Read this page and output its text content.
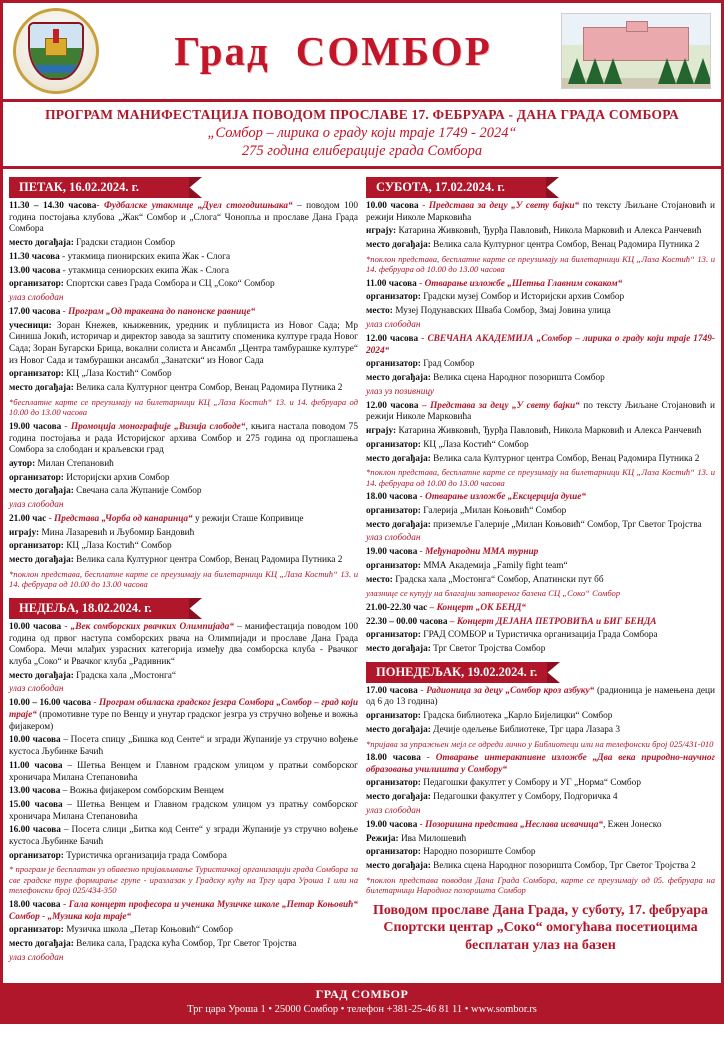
Град СОМБОР
ПРОГРАМ МАНИФЕСТАЦИЈА ПОВОДОМ ПРОСЛАВЕ 17. ФЕБРУАРА - ДАНА ГРАДА СОМБОРА
„Сомбор – лирика о граду који траје 1749 - 2024“
275 година елиберације града Сомбора
ПЕТАК, 16.02.2024. г.

11.30 – 14.30 часова- Фудбалске утакмице „Дуел стогодишњака“ – поводом 100 година постојања клубова „Жак“ Сомбор и „Слога“ Чонопља и прославе Дана Града Сомбора

место догађаја: Градски стадион Сомбор

11.30 часова - утакмица пионирских екипа Жак - Слога

13.00 часова - утакмица сениорских екипа Жак - Слога

организатор: Спортски савез Града Сомбора и СЦ „Соко“ Сомбор

улаз слободан

17.00 часова - Програм „Од тракеана до панонске равнице“

учесници: Зоран Кнежев, књижевник, уредник и публициста из Новог Сада; Мр Синиша Јокић, историчар и директор завода за заштиту споменика културе града Новог Сада; Зоран Бугарски Брица, вокални солиста и Ансамбл „Центра тамбурашке културе“ из Новог Сада и тамбурашки ансамбл „Занатски“ из Новог Сада

организатор: КЦ „Лаза Костић“ Сомбор

место догађаја: Велика сала Културног центра Сомбор, Венац Радомира Путника 2

*бесплатне карте се преузимају на билетарници КЦ „Лаза Костић“ 13. и 14. фебруара од 10.00 до 13.00 часова

19.00 часова - Промоција монографије „Визија слободе“, књига настала поводом 75 година постојања и рада Историјског архива Сомбор и 275 година од проглашења Сомбора за слободан и краљевски град

аутор: Милан Степановић

организатор: Историјски архив Сомбор

место догађаја: Свечана сала Жупаније Сомбор

улаз слободан

21.00 час - Представа „Чорба од канаринца“ у режији Сташе Копривице

играју: Мина Лазаревић и Љубомир Бандовић

организатор: КЦ „Лаза Костић“ Сомбор

место догађаја: Велика сала Културног центра Сомбор, Венац Радомира Путника 2

*поклон предстaва, бесплатне карте се преузимају на билетарници КЦ „Лаза Костић“ 13. и 14. фебруара од 10.00 до 13.00 часова
НЕДЕЉА, 18.02.2024. г.

10.00 часова - „Век сомборских рвачких Олимпијада“ – манифестација поводом 100 година од првог наступа сомборских рвача на Олимпијади и прославе Дана Града Сомбора. Мечи млађих узрасних категорија између два сомборска клуба - Рвачког клуба „Соко“ и Рвачког клуба „Радивник“

место догађаја: Градска хала „Мостонга“

улаз слободан

10.00 – 16.00 часова - Програм обиласка градског језгра Сомбора „Сомбор – град који траје“ (промотивне туре по Венцу и унутар градског језгра уз стручно вођење и вожња фијакером)

10.00 часова – Посета спицу „Бишка код Сенте“ и згради Жупаније уз стручно вођење кустоса Љубинке Бачић

11.00 часова – Шетња Венцем и Главном градском улицом у пратњи сомборског хроничара Милана Степановића

13.00 часова – Вожња фијакером сомборским Венцем

15.00 часова – Шетња Венцем и Главном градском улицом уз пратњу сомборског хроничара Милана Степановића

16.00 часова – Посета слици „Битка код Сенте“ у згради Жупаније уз стручно вођење кустоса Љубинке Бачић

организатор: Туристичка организација града Сомбора

* програм је бесплатан уз обавезно пријављивање Туристичкој организацији града Сомбора за све градске туре формирање групе - иразлазак у Градску кућу на Тргу цара Уроша 1 или на телефонски број 025/434-350

18.00 часова - Гала концерт професора и ученика Музичке школе „Петар Коњовић“ Сомбор - „Музика која траје“

организатор: Музичка школа „Петар Коњовић“ Сомбор

место догађаја: Велика сала, Градска кућа Сомбор, Трг Светог Тројства

улаз слободан
СУБОТА, 17.02.2024. г.

10.00 часова - Представа за децу „У свету бајки“ по тексту Љиљане Стојановић и режији Николе Марковића

играју: Катарина Живковић, Ђурђа Павловић, Никола Марковић и Алекса Ранчевић

место догађаја: Велика сала Културног центра Сомбор, Венац Радомира Путника 2

*поклон представа, бесплатне карте се преузимају на билетарници КЦ „Лаза Костић“ 13. и 14. фебруара од 10.00 до 13.00 часова

11.00 часова - Отварање изложбе „Шетња Главним сокаком“

организатор: Градски музеј Сомбор и Историјски архив Сомбор

место: Музеј Подунавских Шваба Сомбор, Змај Јовина улица

улаз слободан

12.00 часова - СВЕЧАНА АКАДЕМИЈА „Сомбор – лирика о граду који траје 1749-2024“

организатор: Град Сомбор

место догађаја: Велика сцена Народног позоришта Сомбор

улаз уз позивницу

12.00 часова – Представа за децу „У свету бајки“ по тексту Љиљане Стојановић и режији Николе Марковића

играју: Катарина Живковић, Ђурђа Павловић, Никола Марковић и Алекса Ранчевић

организатор: КЦ „Лаза Костић“ Сомбор

место догађаја: Велика сала Културног центра Сомбор, Венац Радомира Путника 2

*поклон представа, бесплатне карте се преузимају на билетарници КЦ „Лаза Костић“ 13. и 14. фебруара од 10.00 до 13.00 часова

18.00 часова - Отварање изложбе „Ексцерција душе“

организатор: Галерија „Милан Коњовић“ Сомбор

место догађаја: приземље Галерије „Милан Коњовић“ Сомбор, Трг Светог Тројства

улаз слободан

19.00 часова - Међународни ММА турнир

организатор: ММА Академија „Family fight team“

место: Градска хала „Мостонга“ Сомбор, Апатински пут бб

улазнице се купују на благајни затвореног базена СЦ „Соко“ Сомбор

21.00-22.30 час – Концерт „ОК БЕНД“

22.30 – 00.00 часова – Концерт ДЕЈАНА ПЕТРОВИЋА и БИГ БЕНДА

организатор: ГРАД СОМБОР и Туристичка организација Града Сомбора

место догађаја: Трг Светог Тројства Сомбор

ПОНЕДЕЉАК, 19.02.2024. г.

17.00 часова - Радионица за децу „Сомбор кроз азбуку“ (радионица је намењена деци од 6 до 13 година)

организатор: Градска библиотека „Карло Бијелицки“ Сомбор

место догађаја: Дечије одељење Библиотеке, Трг цара Лазара 3

*пријава за упражњен мејл се одреди лично у Библиотеци или на телефонски број 025/431-010

18.00 часова - Отварање интерактивне изложбе „Два века природно-научног образовања училишта у Сомбору“

организатор: Педагошки факултет у Сомбору и УГ „Норма“ Сомбор

место догађаја: Педагошки факултет у Сомбору, Подгоричка 4

улаз слободан

19.00 часова - Позоришна представа „Неслава исвачица“, Ежен Јонеско

Режија: Ива Милошевић

организатор: Народно позориште Сомбор

место догађаја: Велика сцена Народног позоришта Сомбор, Трг Светог Тројства 2

*поклон представа поводом Дана Града Сомбора, карте се преузимају од 05. фебруара на билетарници Народног позоришта Сомбор
Поводом прославе Дана Града, у суботу, 17. фебруара
Спортски центар „Соко“ омогућава посетиоцима
бесплатан улаз на базен
ГРАД СОМБОР
Трг цара Уроша 1 • 25000 Сомбор • телефон +381-25-46 81 11 • www.sombor.rs
